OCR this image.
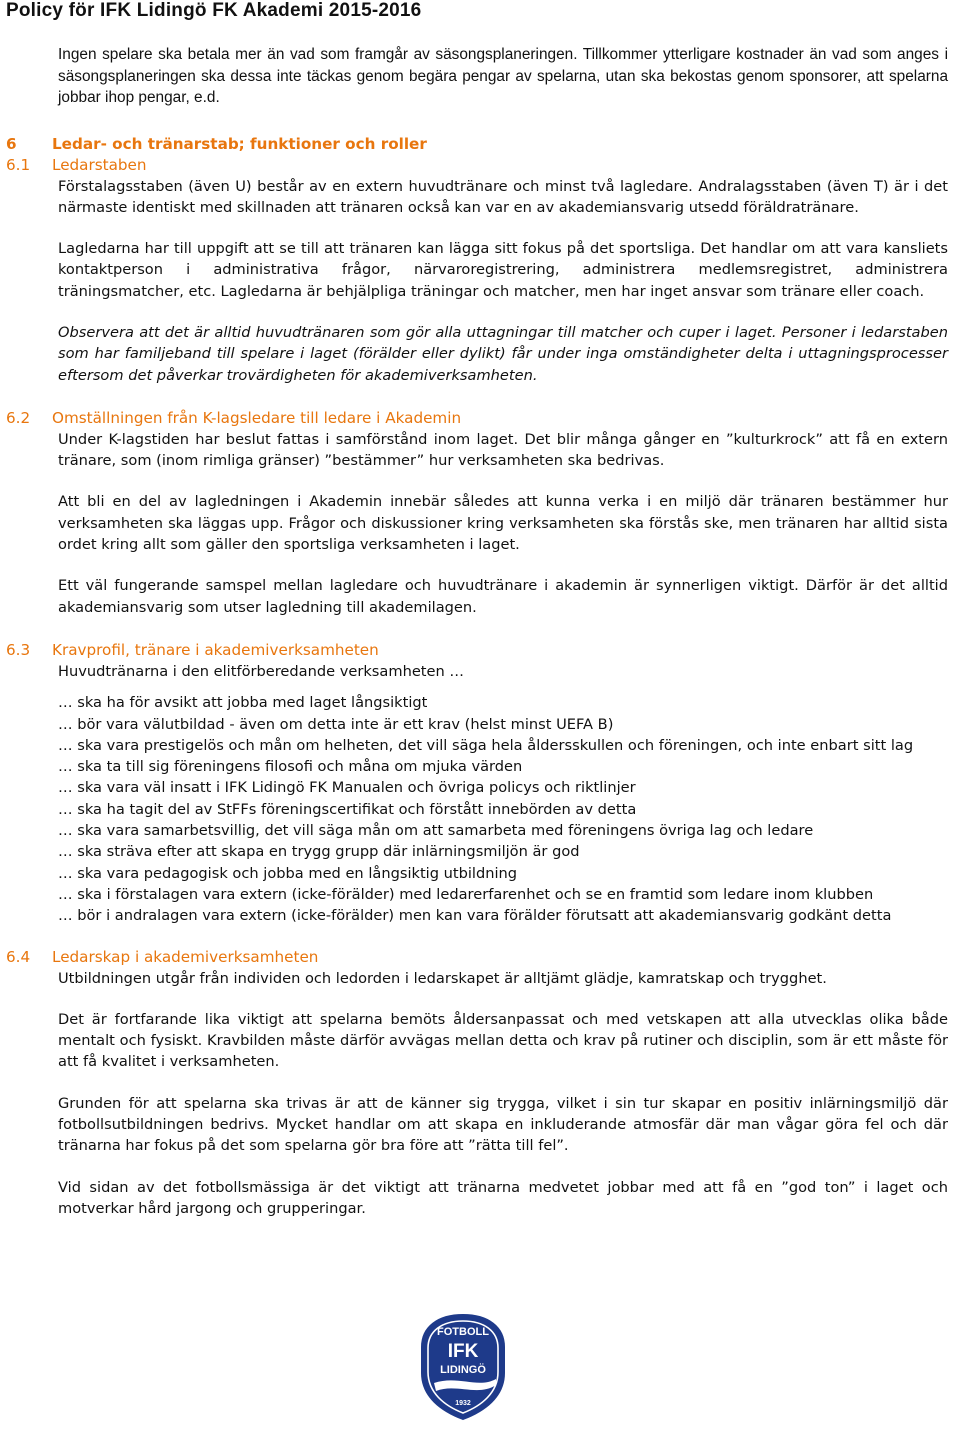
Policy för IFK Lidingö FK Akademi 2015-2016

Ingen spelare ska betala mer än vad som framgår av säsongsplaneringen. Tillkommer ytterligare kostnader än vad som anges i säsongsplaneringen ska dessa inte täckas genom begära pengar av spelarna, utan ska bekostas genom sponsorer, att spelarna jobbar ihop pengar, e.d.

6	Ledar- och tränarstab; funktioner och roller
6.1	Ledarstaben

Förstalagsstaben (även U) består av en extern huvudtränare och minst två lagledare. Andralagsstaben (även T) är i det närmaste identiskt med skillnaden att tränaren också kan var en av akademiansvarig utsedd föräldratränare.

Lagledarna har till uppgift att se till att tränaren kan lägga sitt fokus på det sportsliga. Det handlar om att vara kansliets kontaktperson i administrativa frågor, närvaroregistrering, administrera medlemsregistret, administrera träningsmatcher, etc. Lagledarna är behjälpliga träningar och matcher, men har inget ansvar som tränare eller coach.

Observera att det är alltid huvudtränaren som gör alla uttagningar till matcher och cuper i laget. Personer i ledarstaben som har familjeband till spelare i laget (förälder eller dylikt) får under inga omständigheter delta i uttagningsprocesser eftersom det påverkar trovärdigheten för akademiverksamheten.

6.2	Omställningen från K-lagsledare till ledare i Akademin

Under K-lagstiden har beslut fattas i samförstånd inom laget. Det blir många gånger en ”kulturkrock” att få en extern tränare, som (inom rimliga gränser) ”bestämmer” hur verksamheten ska bedrivas.

Att bli en del av lagledningen i Akademin innebär således att kunna verka i en miljö där tränaren bestämmer hur verksamheten ska läggas upp. Frågor och diskussioner kring verksamheten ska förstås ske, men tränaren har alltid sista ordet kring allt som gäller den sportsliga verksamheten i laget.

Ett väl fungerande samspel mellan lagledare och huvudtränare i akademin är synnerligen viktigt. Därför är det alltid akademiansvarig som utser lagledning till akademilagen.

6.3	Kravprofil, tränare i akademiverksamheten
Huvudtränarna i den elitförberedande verksamheten …
… ska ha för avsikt att jobba med laget långsiktigt
… bör vara välutbildad - även om detta inte är ett krav (helst minst UEFA B)
… ska vara prestigelös och mån om helheten, det vill säga hela åldersskullen och föreningen, och inte enbart sitt lag
… ska ta till sig föreningens filosofi och måna om mjuka värden
… ska vara väl insatt i IFK Lidingö FK Manualen och övriga policys och riktlinjer
… ska ha tagit del av StFFs föreningscertifikat och förstått innebörden av detta
… ska vara samarbetsvillig, det vill säga mån om att samarbeta med föreningens övriga lag och ledare
… ska sträva efter att skapa en trygg grupp där inlärningsmiljön är god
… ska vara pedagogisk och jobba med en långsiktig utbildning
… ska i förstalagen vara extern (icke-förälder) med ledarerfarenhet och se en framtid som ledare inom klubben
… bör i andralagen vara extern (icke-förälder) men kan vara förälder förutsatt att akademiansvarig godkänt detta
6.4	Ledarskap i akademiverksamheten

Utbildningen utgår från individen och ledorden i ledarskapet är alltjämt glädje, kamratskap och trygghet.

Det är fortfarande lika viktigt att spelarna bemöts åldersanpassat och med vetskapen att alla utvecklas olika både mentalt och fysiskt. Kravbilden måste därför avvägas mellan detta och krav på rutiner och disciplin, som är ett måste för att få kvalitet i verksamheten.

Grunden för att spelarna ska trivas är att de känner sig trygga, vilket i sin tur skapar en positiv inlärningsmiljö där fotbollsutbildningen bedrivs. Mycket handlar om att skapa en inkluderande atmosfär där man vågar göra fel och där tränarna har fokus på det som spelarna gör bra före att ”rätta till fel”.

Vid sidan av det fotbollsmässiga är det viktigt att tränarna medvetet jobbar med att få en ”god ton” i laget och motverkar hård jargong och grupperingar.

FOTBOLL
IFK
LIDINGÖ
1932
